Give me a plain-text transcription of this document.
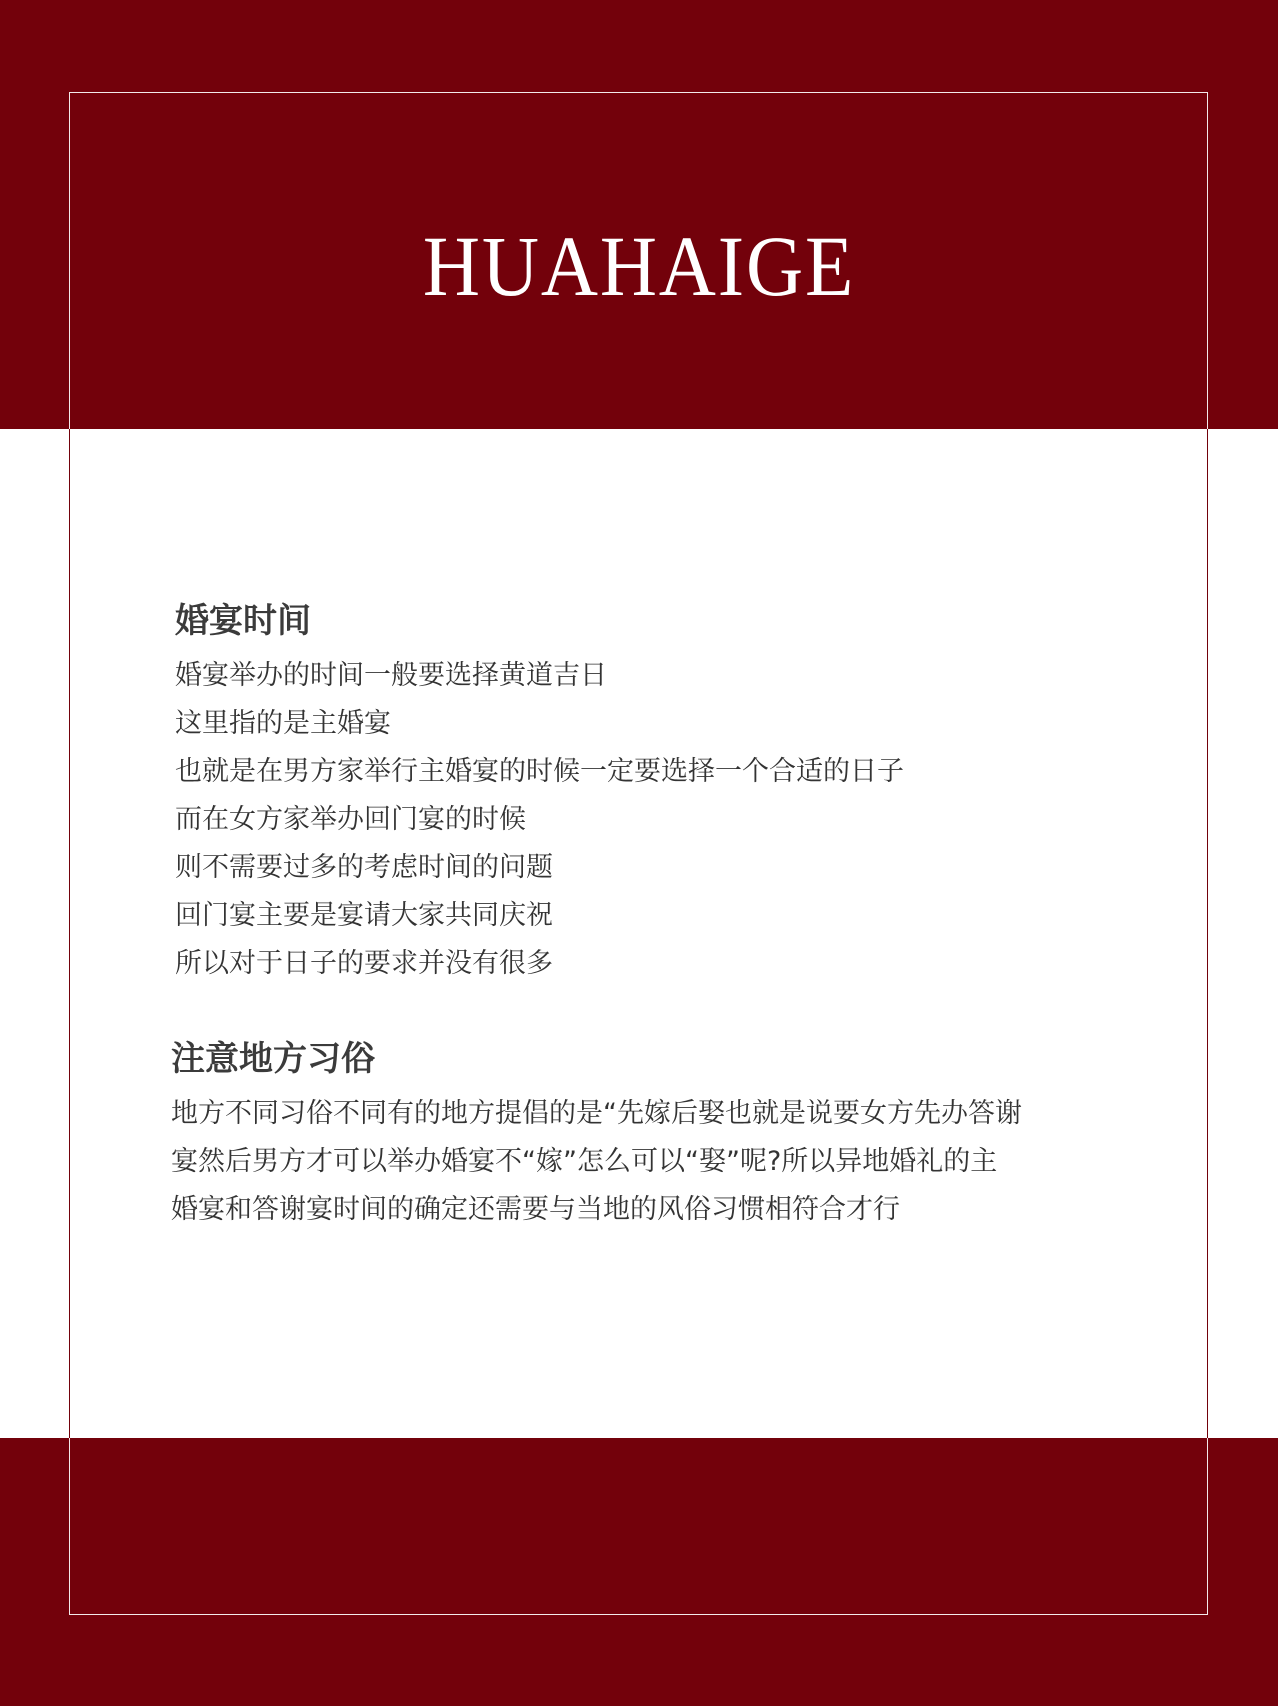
HUAHAIGE
婚宴时间
婚宴举办的时间一般要选择黄道吉日
这里指的是主婚宴
也就是在男方家举行主婚宴的时候一定要选择一个合适的日子
而在女方家举办回门宴的时候
则不需要过多的考虑时间的问题
回门宴主要是宴请大家共同庆祝
所以对于日子的要求并没有很多
注意地方习俗
地方不同习俗不同有的地方提倡的是“先嫁后娶也就是说要女方先办答谢
宴然后男方才可以举办婚宴不“嫁”怎么可以“娶”呢?所以异地婚礼的主
婚宴和答谢宴时间的确定还需要与当地的风俗习惯相符合才行
